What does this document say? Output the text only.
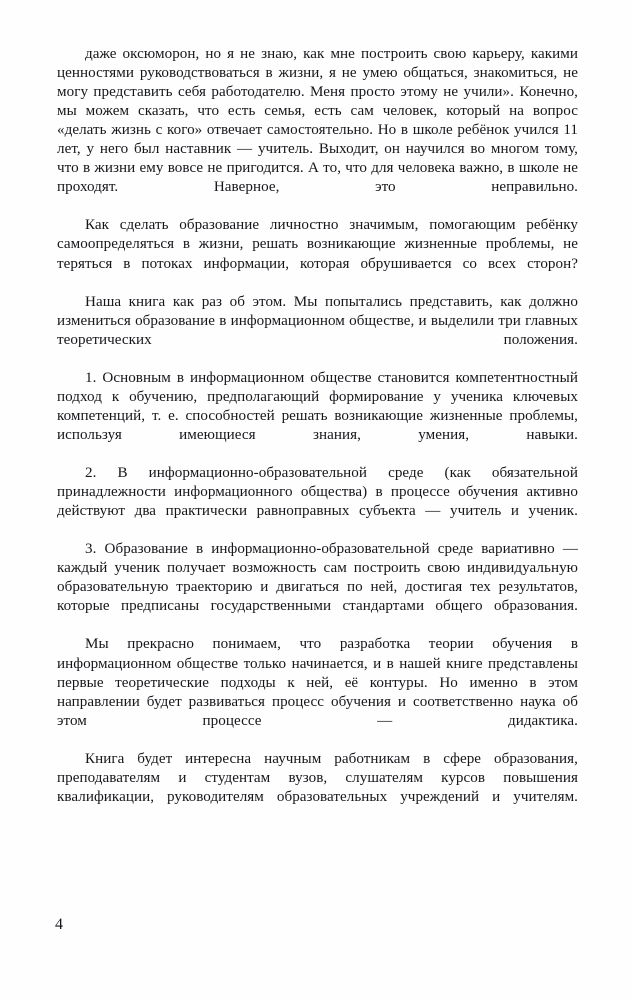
даже оксюморон, но я не знаю, как мне построить свою карьеру, какими ценностями руководствоваться в жизни, я не умею общаться, знакомиться, не могу представить себя работодателю. Меня просто этому не учили». Конечно, мы можем сказать, что есть семья, есть сам человек, который на вопрос «делать жизнь с кого» отвечает самостоятельно. Но в школе ребёнок учился 11 лет, у него был наставник — учитель. Выходит, он научился во многом тому, что в жизни ему вовсе не пригодится. А то, что для человека важно, в школе не проходят. Наверное, это неправильно.

Как сделать образование личностно значимым, помогающим ребёнку самоопределяться в жизни, решать возникающие жизненные проблемы, не теряться в потоках информации, которая обрушивается со всех сторон?

Наша книга как раз об этом. Мы попытались представить, как должно измениться образование в информационном обществе, и выделили три главных теоретических положения.

1. Основным в информационном обществе становится компетентностный подход к обучению, предполагающий формирование у ученика ключевых компетенций, т. е. способностей решать возникающие жизненные проблемы, используя имеющиеся знания, умения, навыки.

2. В информационно-образовательной среде (как обязательной принадлежности информационного общества) в процессе обучения активно действуют два практически равноправных субъекта — учитель и ученик.

3. Образование в информационно-образовательной среде вариативно — каждый ученик получает возможность сам построить свою индивидуальную образовательную траекторию и двигаться по ней, достигая тех результатов, которые предписаны государственными стандартами общего образования.

Мы прекрасно понимаем, что разработка теории обучения в информационном обществе только начинается, и в нашей книге представлены первые теоретические подходы к ней, её контуры. Но именно в этом направлении будет развиваться процесс обучения и соответственно наука об этом процессе — дидактика.

Книга будет интересна научным работникам в сфере образования, преподавателям и студентам вузов, слушателям курсов повышения квалификации, руководителям образовательных учреждений и учителям.

4
